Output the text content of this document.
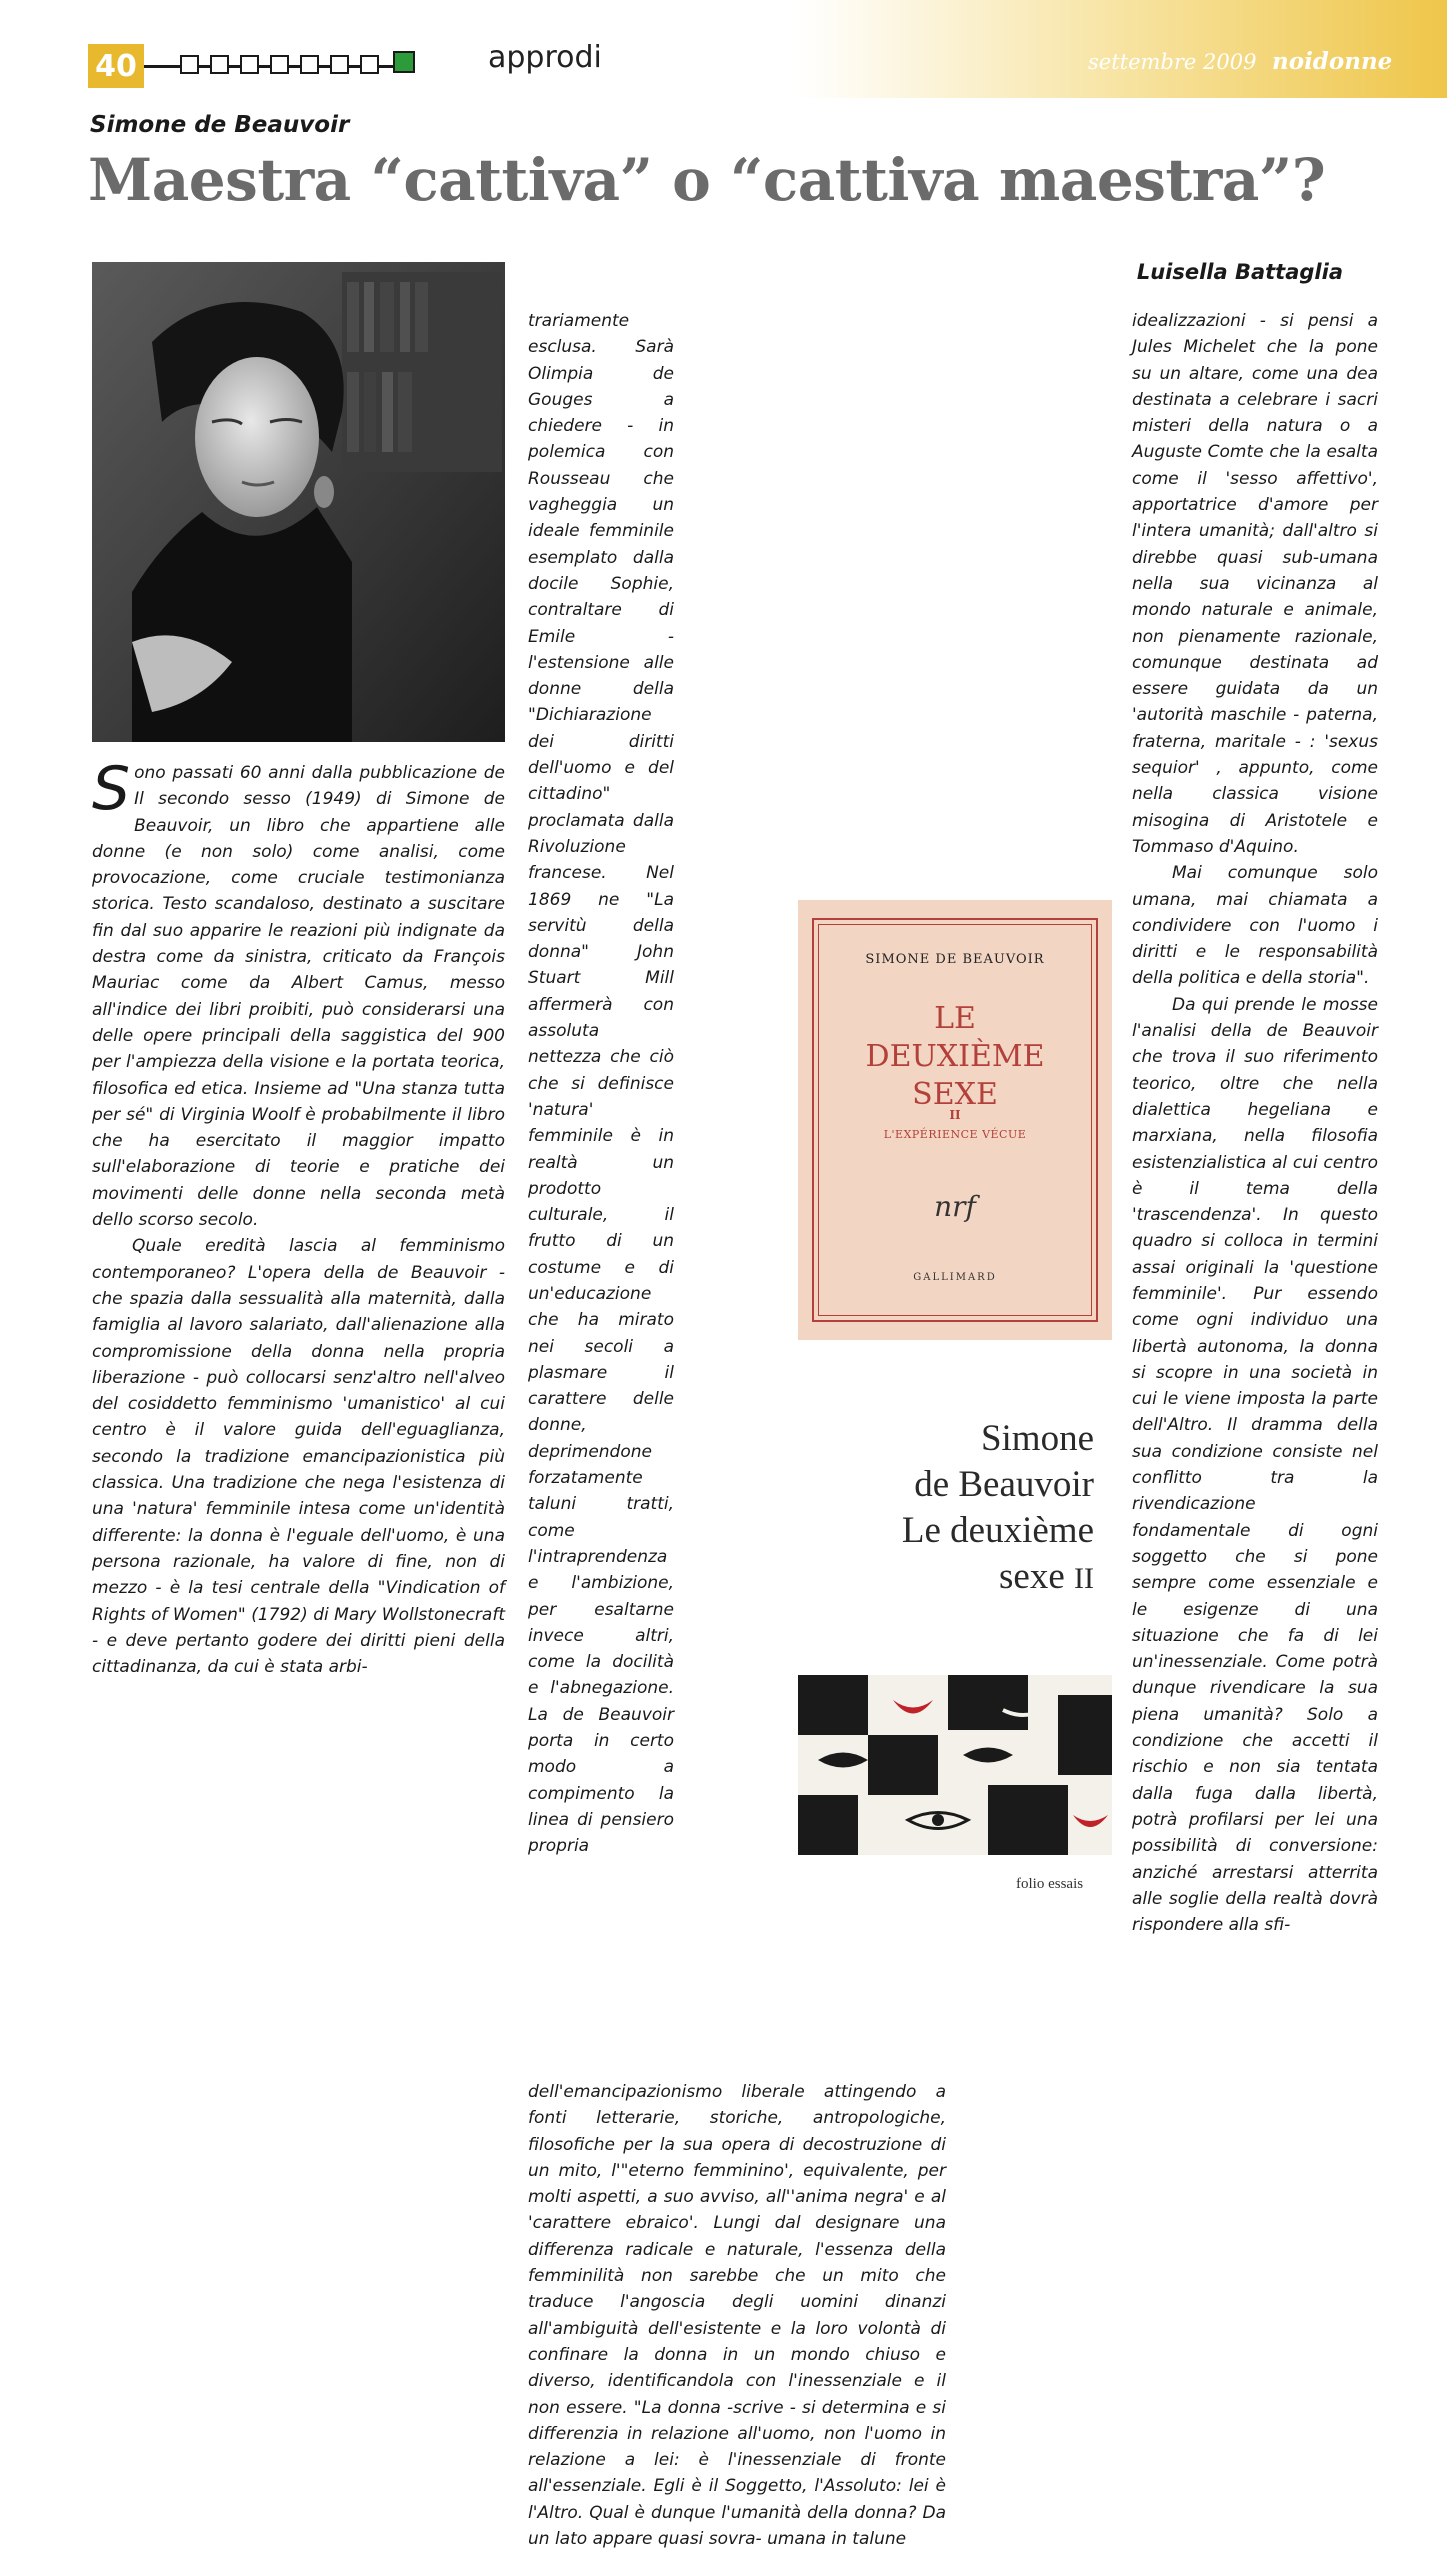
40	approdi	settembre 2009 noidonne
Simone de Beauvoir
Maestra “cattiva” o “cattiva maestra”?
Luisella Battaglia

Sono passati 60 anni dalla pubblicazione de Il secondo sesso (1949) di Simone de Beauvoir, un libro che appartiene alle donne (e non solo) come analisi, come provocazione, come cruciale testimonianza storica. Testo scandaloso, destinato a suscitare fin dal suo apparire le reazioni più indignate da destra come da sinistra, criticato da François Mauriac come da Albert Camus, messo all'indice dei libri proibiti, può considerarsi una delle opere principali della saggistica del 900 per l'ampiezza della visione e la portata teorica, filosofica ed etica. Insieme ad "Una stanza tutta per sé" di Virginia Woolf è probabilmente il libro che ha esercitato il maggior impatto sull'elaborazione di teorie e pratiche dei movimenti delle donne nella seconda metà dello scorso secolo.

Quale eredità lascia al femminismo contemporaneo? L'opera della de Beauvoir - che spazia dalla sessualità alla maternità, dalla famiglia al lavoro salariato, dall'alienazione alla compromissione della donna nella propria liberazione - può collocarsi senz'altro nell'alveo del cosiddetto femminismo 'umanistico' al cui centro è il valore guida dell'eguaglianza, secondo la tradizione emancipazionistica più classica. Una tradizione che nega l'esistenza di una 'natura' femminile intesa come un'identità differente: la donna è l'eguale dell'uomo, è una persona razionale, ha valore di fine, non di mezzo - è la tesi centrale della "Vindication of Rights of Women" (1792) di Mary Wollstonecraft - e deve pertanto godere dei diritti pieni della cittadinanza, da cui è stata arbi-

trariamente esclusa. Sarà Olimpia de Gouges a chiedere - in polemica con Rousseau che vagheggia un ideale femminile esemplato dalla docile Sophie, contraltare di Emile - l'estensione alle donne della "Dichiarazione dei diritti dell'uomo e del cittadino" proclamata dalla Rivoluzione francese. Nel 1869 ne "La servitù della donna" John Stuart Mill affermerà con assoluta nettezza che ciò che si definisce 'natura' femminile è in realtà un prodotto culturale, il frutto di un costume e di un'educazione che ha mirato nei secoli a plasmare il carattere delle donne, deprimendone forzatamente taluni tratti, come l'intraprendenza e l'ambizione, per esaltarne invece altri, come la docilità e l'abnegazione. La de Beauvoir porta in certo modo a compimento la linea di pensiero propria dell'emancipazionismo liberale attingendo a fonti letterarie, storiche, antropologiche, filosofiche per la sua opera di decostruzione di un mito, l'"eterno femminino', equivalente, per molti aspetti, a suo avviso, all''anima negra' e al 'carattere ebraico'. Lungi dal designare una differenza radicale e naturale, l'essenza della femminilità non sarebbe che un mito che traduce l'angoscia degli uomini dinanzi all'ambiguità dell'esistente e la loro volontà di confinare la donna in un mondo chiuso e diverso, identificandola con l'inessenziale e il non essere. "La donna -scrive - si determina e si differenzia in relazione all'uomo, non l'uomo in relazione a lei: è l'inessenziale di fronte all'essenziale. Egli è il Soggetto, l'Assoluto: lei è l'Altro. Qual è dunque l'umanità della donna? Da un lato appare quasi sovra- umana in talune

idealizzazioni - si pensi a Jules Michelet che la pone su un altare, come una dea destinata a celebrare i sacri misteri della natura o a Auguste Comte che la esalta come il 'sesso affettivo', apportatrice d'amore per l'intera umanità; dall'altro si direbbe quasi sub-umana nella sua vicinanza al mondo naturale e animale, non pienamente razionale, comunque destinata ad essere guidata da un 'autorità maschile - paterna, fraterna, maritale - : 'sexus sequior' , appunto, come nella classica visione misogina di Aristotele e Tommaso d'Aquino.

Mai comunque solo umana, mai chiamata a condividere con l'uomo i diritti e le responsabilità della politica e della storia".

Da qui prende le mosse l'analisi della de Beauvoir che trova il suo riferimento teorico, oltre che nella dialettica hegeliana e marxiana, nella filosofia esistenzialistica al cui centro è il tema della 'trascendenza'. In questo quadro si colloca in termini assai originali la 'questione femminile'. Pur essendo come ogni individuo una libertà autonoma, la donna si scopre in una società in cui le viene imposta la parte dell'Altro. Il dramma della sua condizione consiste nel conflitto tra la rivendicazione fondamentale di ogni soggetto che si pone sempre come essenziale e le esigenze di una situazione che fa di lei un'inessenziale. Come potrà dunque rivendicare la sua piena umanità? Solo a condizione che accetti il rischio e non sia tentata dalla fuga dalla libertà, potrà profilarsi per lei una possibilità di conversione: anziché arrestarsi atterrita alle soglie della realtà dovrà rispondere alla sfi-

SIMONE DE BEAUVOIR
LE
DEUXIÈME
SEXE
II
L'EXPÉRIENCE VÉCUE
nrf
GALLIMARD
Simone
de Beauvoir
Le deuxième
sexe II
folio essais
